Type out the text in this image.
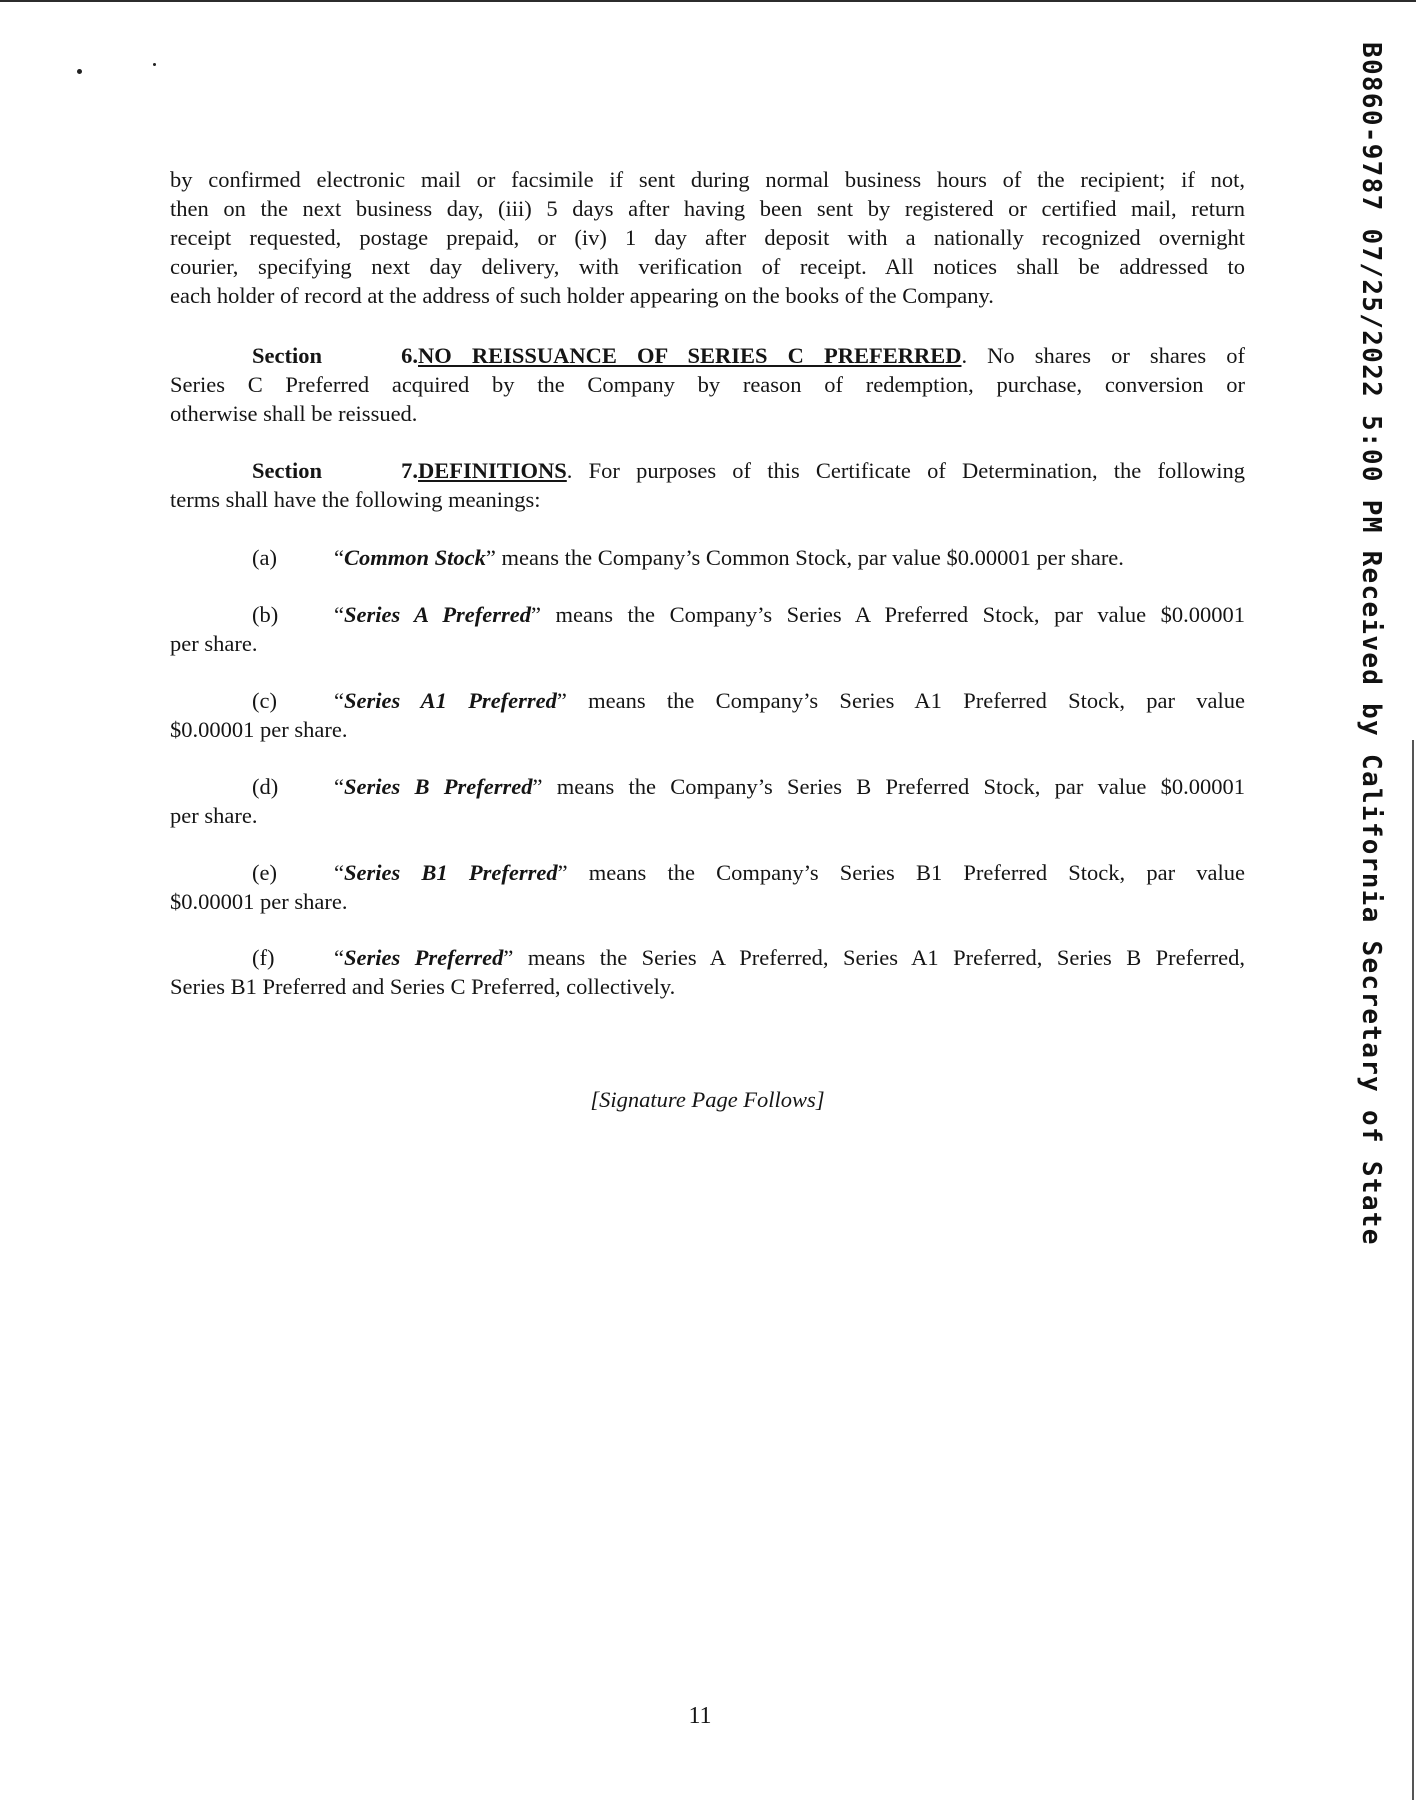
B0860-9787 07/25/2022 5:00 PM Received by California Secretary of State
by confirmed electronic mail or facsimile if sent during normal business hours of the recipient; if not,
then on the next business day, (iii) 5 days after having been sent by registered or certified mail, return
receipt requested, postage prepaid, or (iv) 1 day after deposit with a nationally recognized overnight
courier, specifying next day delivery, with verification of receipt. All notices shall be addressed to
each holder of record at the address of such holder appearing on the books of the Company.
Section 6.NO REISSUANCE OF SERIES C PREFERRED. No shares or shares of
Series C Preferred acquired by the Company by reason of redemption, purchase, conversion or
otherwise shall be reissued.
Section 7.DEFINITIONS. For purposes of this Certificate of Determination, the following
terms shall have the following meanings:
(a)	“Common Stock” means the Company’s Common Stock, par value $0.00001 per share.
(b) “Series A Preferred” means the Company’s Series A Preferred Stock, par value $0.00001
per share.
(c)	“Series A1 Preferred” means the Company’s Series A1 Preferred Stock, par value
$0.00001 per share.
(d) “Series B Preferred” means the Company’s Series B Preferred Stock, par value $0.00001
per share.
(e)	“Series B1 Preferred” means the Company’s Series B1 Preferred Stock, par value
$0.00001 per share.
(f)	“Series Preferred” means the Series A Preferred, Series A1 Preferred, Series B Preferred,
Series B1 Preferred and Series C Preferred, collectively.
[Signature Page Follows]
11
